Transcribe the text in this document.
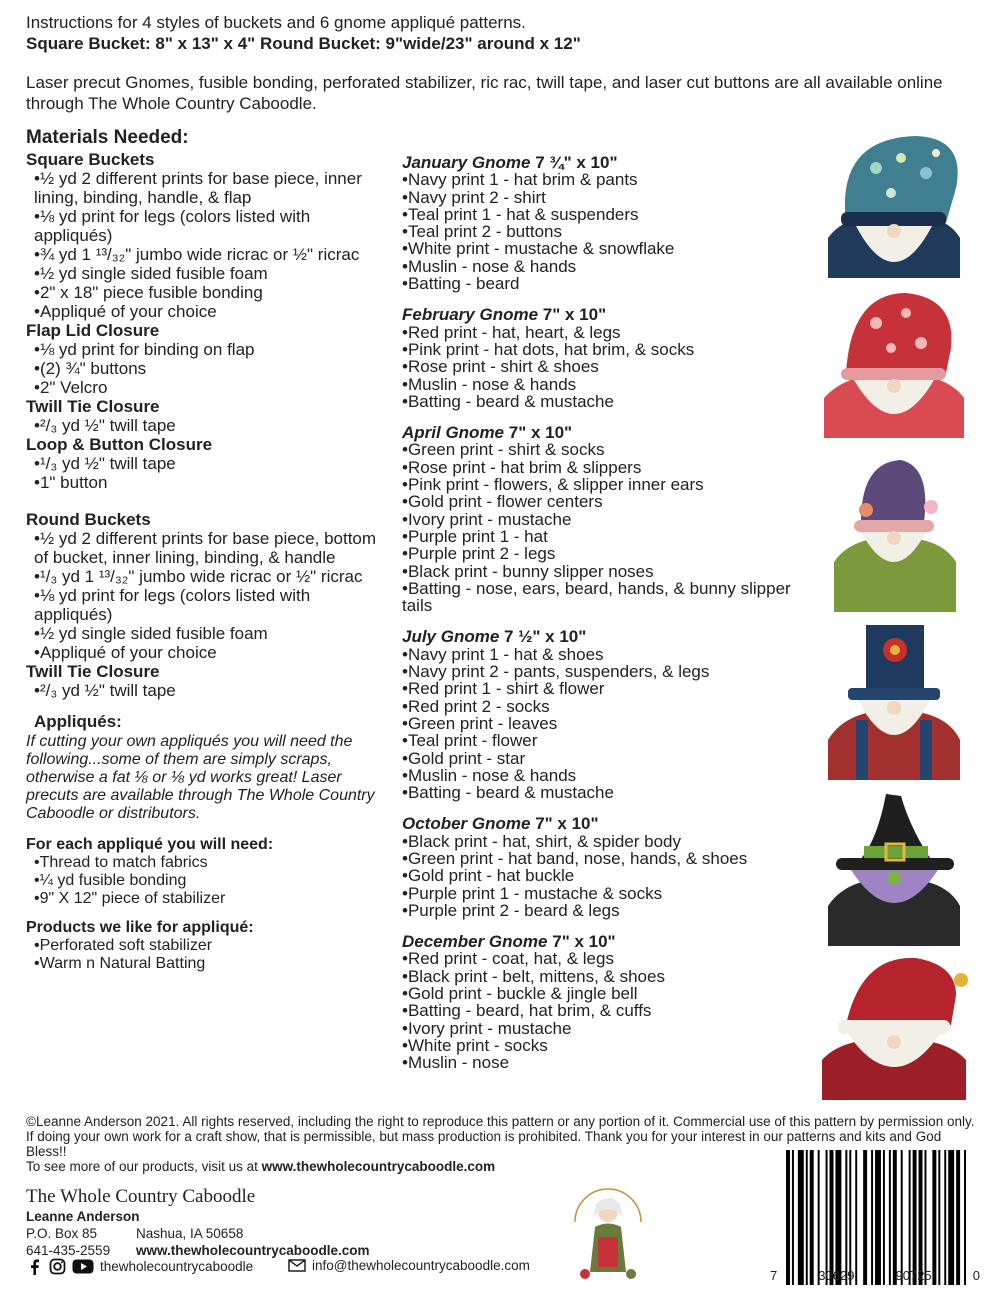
Instructions for 4 styles of buckets and 6 gnome appliqué patterns.

Square Bucket: 8" x 13" x 4" Round Bucket: 9"wide/23" around x 12"

Laser precut Gnomes, fusible bonding, perforated stabilizer, ric rac, twill tape, and laser cut buttons are all available online through The Whole Country Caboodle.

Materials Needed:
Square Buckets
• ½ yd 2 different prints for base piece, inner lining, binding, handle, & flap
• ⅛ yd print for legs (colors listed with appliqués)
• ¾ yd 1 ¹³/₃₂" jumbo wide ricrac or ½" ricrac
• ½ yd single sided fusible foam
• 2" x 18" piece fusible bonding
• Appliqué of your choice
Flap Lid Closure
• ⅛ yd print for binding on flap
• (2) ¾" buttons
• 2" Velcro
Twill Tie Closure
• ²/₃ yd ½" twill tape
Loop & Button Closure
• ¹/₃ yd ½" twill tape
• 1" button
Round Buckets
• ½ yd 2 different prints for base piece, bottom of bucket, inner lining, binding, & handle
• ¹/₃ yd 1 ¹³/₃₂" jumbo wide ricrac or ½" ricrac
• ⅛ yd print for legs (colors listed with appliqués)
• ½ yd single sided fusible foam
• Appliqué of your choice
Twill Tie Closure
• ²/₃ yd ½" twill tape
Appliqués:
If cutting your own appliqués you will need the following...some of them are simply scraps, otherwise a fat ⅛ or ⅛ yd works great! Laser precuts are available through The Whole Country Caboodle or distributors.
For each appliqué you will need:
• Thread to match fabrics
• ¼ yd fusible bonding
• 9" X 12" piece of stabilizer
Products we like for appliqué:
• Perforated soft stabilizer
• Warm n Natural Batting
January Gnome 7 ¾" x 10"
• Navy print 1 - hat brim & pants
• Navy print 2 - shirt
• Teal print 1 - hat & suspenders
• Teal print 2 - buttons
• White print - mustache & snowflake
• Muslin - nose & hands
• Batting - beard
February Gnome 7" x 10"
• Red print - hat, heart, & legs
• Pink print - hat dots, hat brim, & socks
• Rose print - shirt & shoes
• Muslin - nose & hands
• Batting - beard & mustache
April Gnome 7" x 10"
• Green print - shirt & socks
• Rose print - hat brim & slippers
• Pink print - flowers, & slipper inner ears
• Gold print - flower centers
• Ivory print - mustache
• Purple print 1 - hat
• Purple print 2 - legs
• Black print - bunny slipper noses
• Batting - nose, ears, beard, hands, & bunny slipper tails
July Gnome 7 ½" x 10"
• Navy print 1 - hat & shoes
• Navy print 2 - pants, suspenders, & legs
• Red print 1 - shirt & flower
• Red print 2 - socks
• Green print - leaves
• Teal print - flower
• Gold print - star
• Muslin - nose & hands
• Batting - beard & mustache
October Gnome 7" x 10"
• Black print - hat, shirt, & spider body
• Green print - hat band, nose, hands, & shoes
• Gold print - hat buckle
• Purple print 1 - mustache & socks
• Purple print 2 - beard & legs
December Gnome 7" x 10"
• Red print - coat, hat, & legs
• Black print - belt, mittens, & shoes
• Gold print - buckle & jingle bell
• Batting - beard, hat brim, & cuffs
• Ivory print - mustache
• White print - socks
• Muslin - nose
©Leanne Anderson 2021. All rights reserved, including the right to reproduce this pattern or any portion of it. Commercial use of this pattern by permission only. If doing your own work for a craft show, that is permissible, but mass production is prohibited. Thank you for your interest in our patterns and kits and God Bless!!
To see more of our products, visit us at www.thewholecountrycaboodle.com
The Whole Country Caboodle
Leanne Anderson
P.O. Box 85	Nashua, IA 50658
641-435-2559	www.thewholecountrycaboodle.com
thewholecountrycaboodle	info@thewholecountrycaboodle.com
7	30629	90725	0
